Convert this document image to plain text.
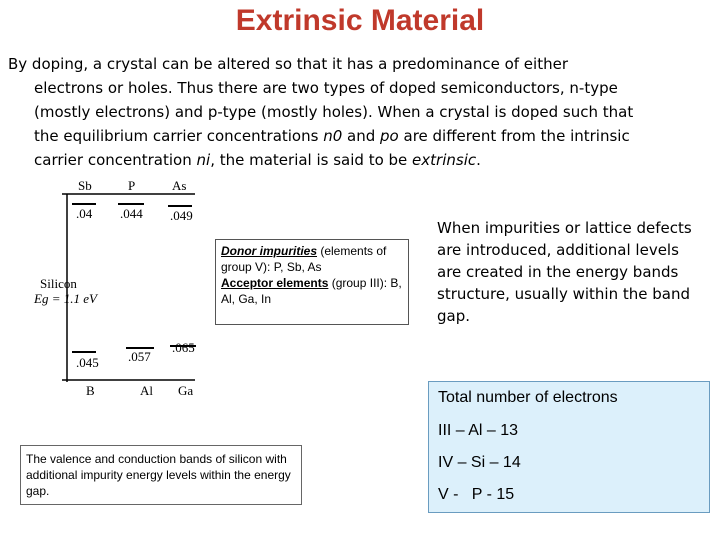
Extrinsic Material
By doping, a crystal can be altered so that it has a predominance of either
electrons or holes. Thus there are two types of doped semiconductors, n-type
(mostly electrons) and p-type (mostly holes). When a crystal is doped such that
the equilibrium carrier concentrations n0 and po are different from the intrinsic
carrier concentration ni, the material is said to be extrinsic.
Sb	P	As
.04 .044 .049
Silicon
Eg = 1.1 eV
.045 .057
.065
B	Al Ga
Donor impurities (elements of group V): P, Sb, As
Acceptor elements (group III): B, Al, Ga, In
When impurities or lattice defects are introduced, additional levels are created in the energy bands structure, usually within the band gap.
Total number of electrons
III – Al – 13
IV – Si – 14
V -   P - 15
The valence and conduction bands of silicon with additional impurity energy levels within the energy gap.
